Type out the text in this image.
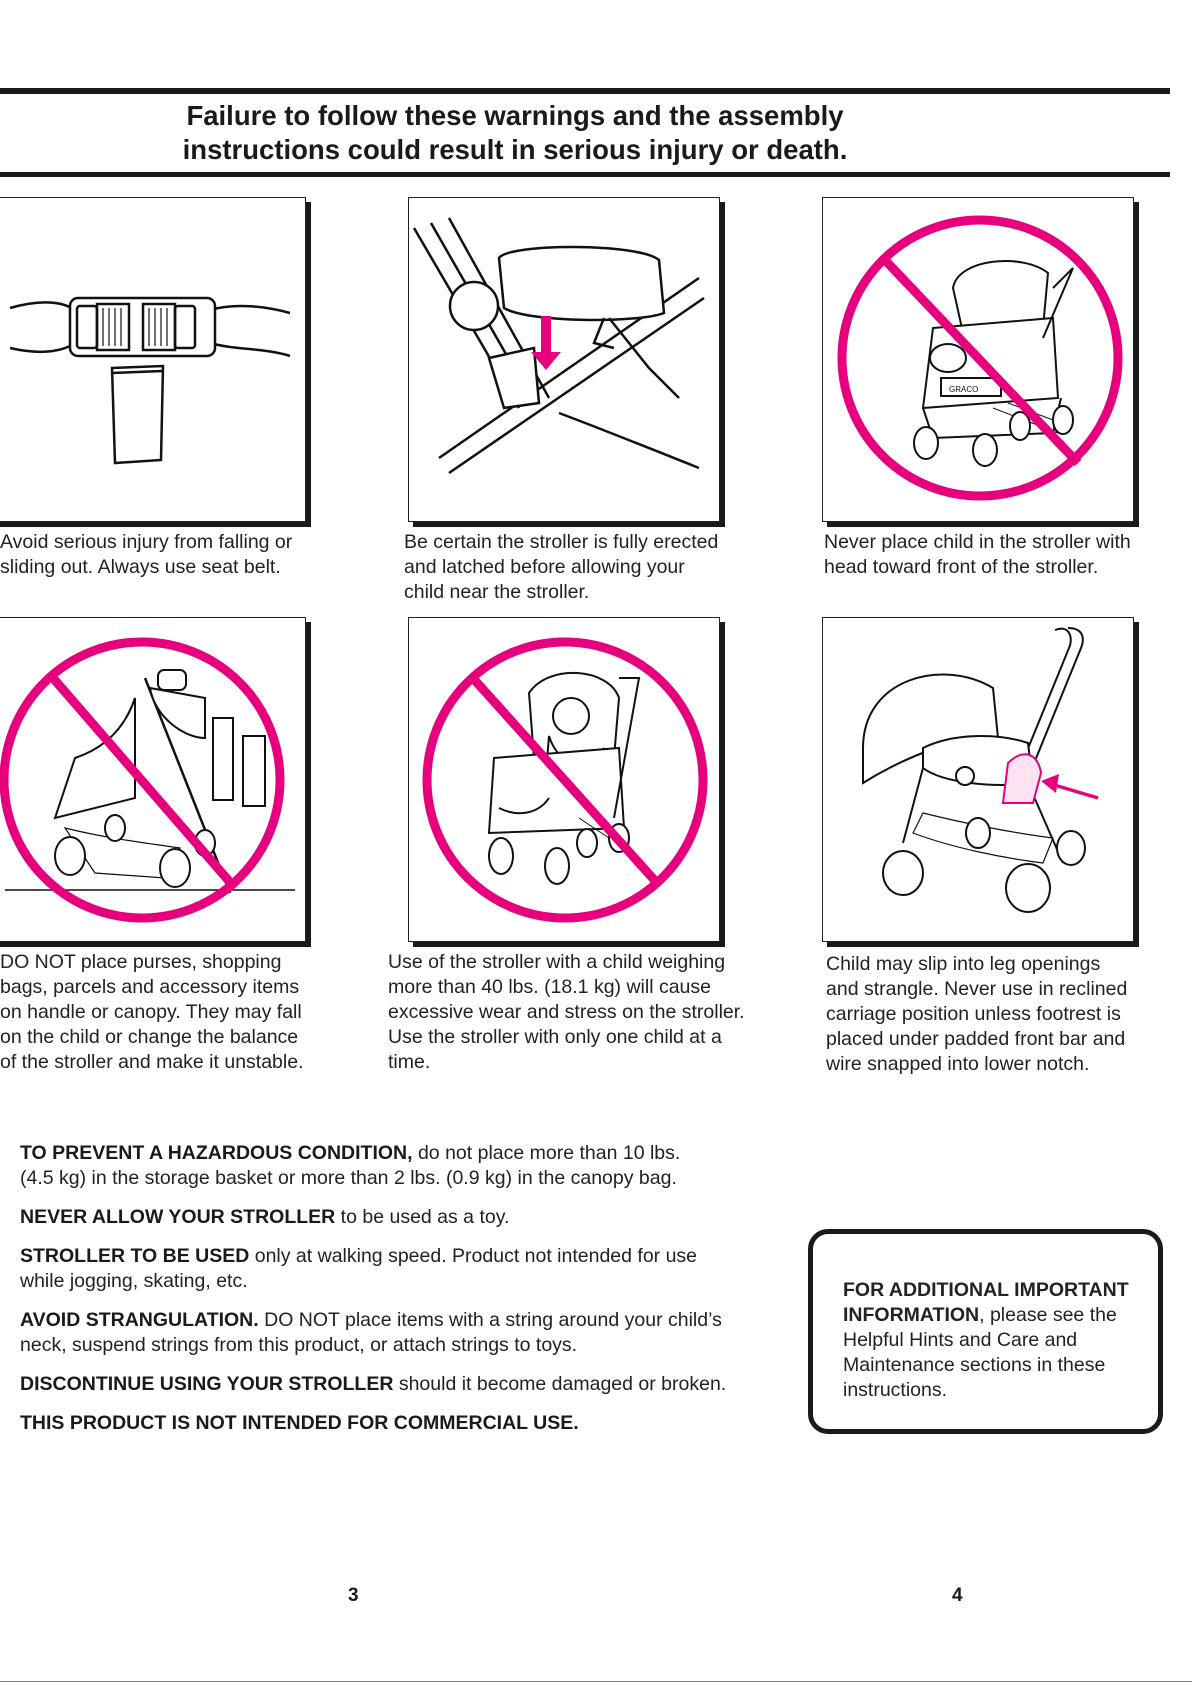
Failure to follow these warnings and the assembly
instructions could result in serious injury or death.
GRACO
Avoid serious injury from falling or
sliding out. Always use seat belt.
Be certain the stroller is fully erected
and latched before allowing your
child near the stroller.
Never place child in the stroller with
head toward front of the stroller.
DO NOT place purses, shopping
bags, parcels and accessory items
on handle or canopy. They may fall
on the child or change the balance
of the stroller and make it unstable.
Use of the stroller with a child weighing
more than 40 lbs. (18.1 kg) will cause
excessive wear and stress on the stroller.
Use the stroller with only one child at a
time.
Child may slip into leg openings
and strangle. Never use in reclined
carriage position unless footrest is
placed under padded front bar and
wire snapped into lower notch.
TO PREVENT A HAZARDOUS CONDITION, do not place more than 10 lbs.
(4.5 kg) in the storage basket or more than 2 lbs. (0.9 kg) in the canopy bag.
NEVER ALLOW YOUR STROLLER to be used as a toy.
STROLLER TO BE USED only at walking speed. Product not intended for use
while jogging, skating, etc.
AVOID STRANGULATION. DO NOT place items with a string around your child’s
neck, suspend strings from this product, or attach strings to toys.
DISCONTINUE USING YOUR STROLLER should it become damaged or broken.
THIS PRODUCT IS NOT INTENDED FOR COMMERCIAL USE.
FOR ADDITIONAL IMPORTANT
INFORMATION, please see the
Helpful Hints and Care and
Maintenance sections in these
instructions.
3	4
